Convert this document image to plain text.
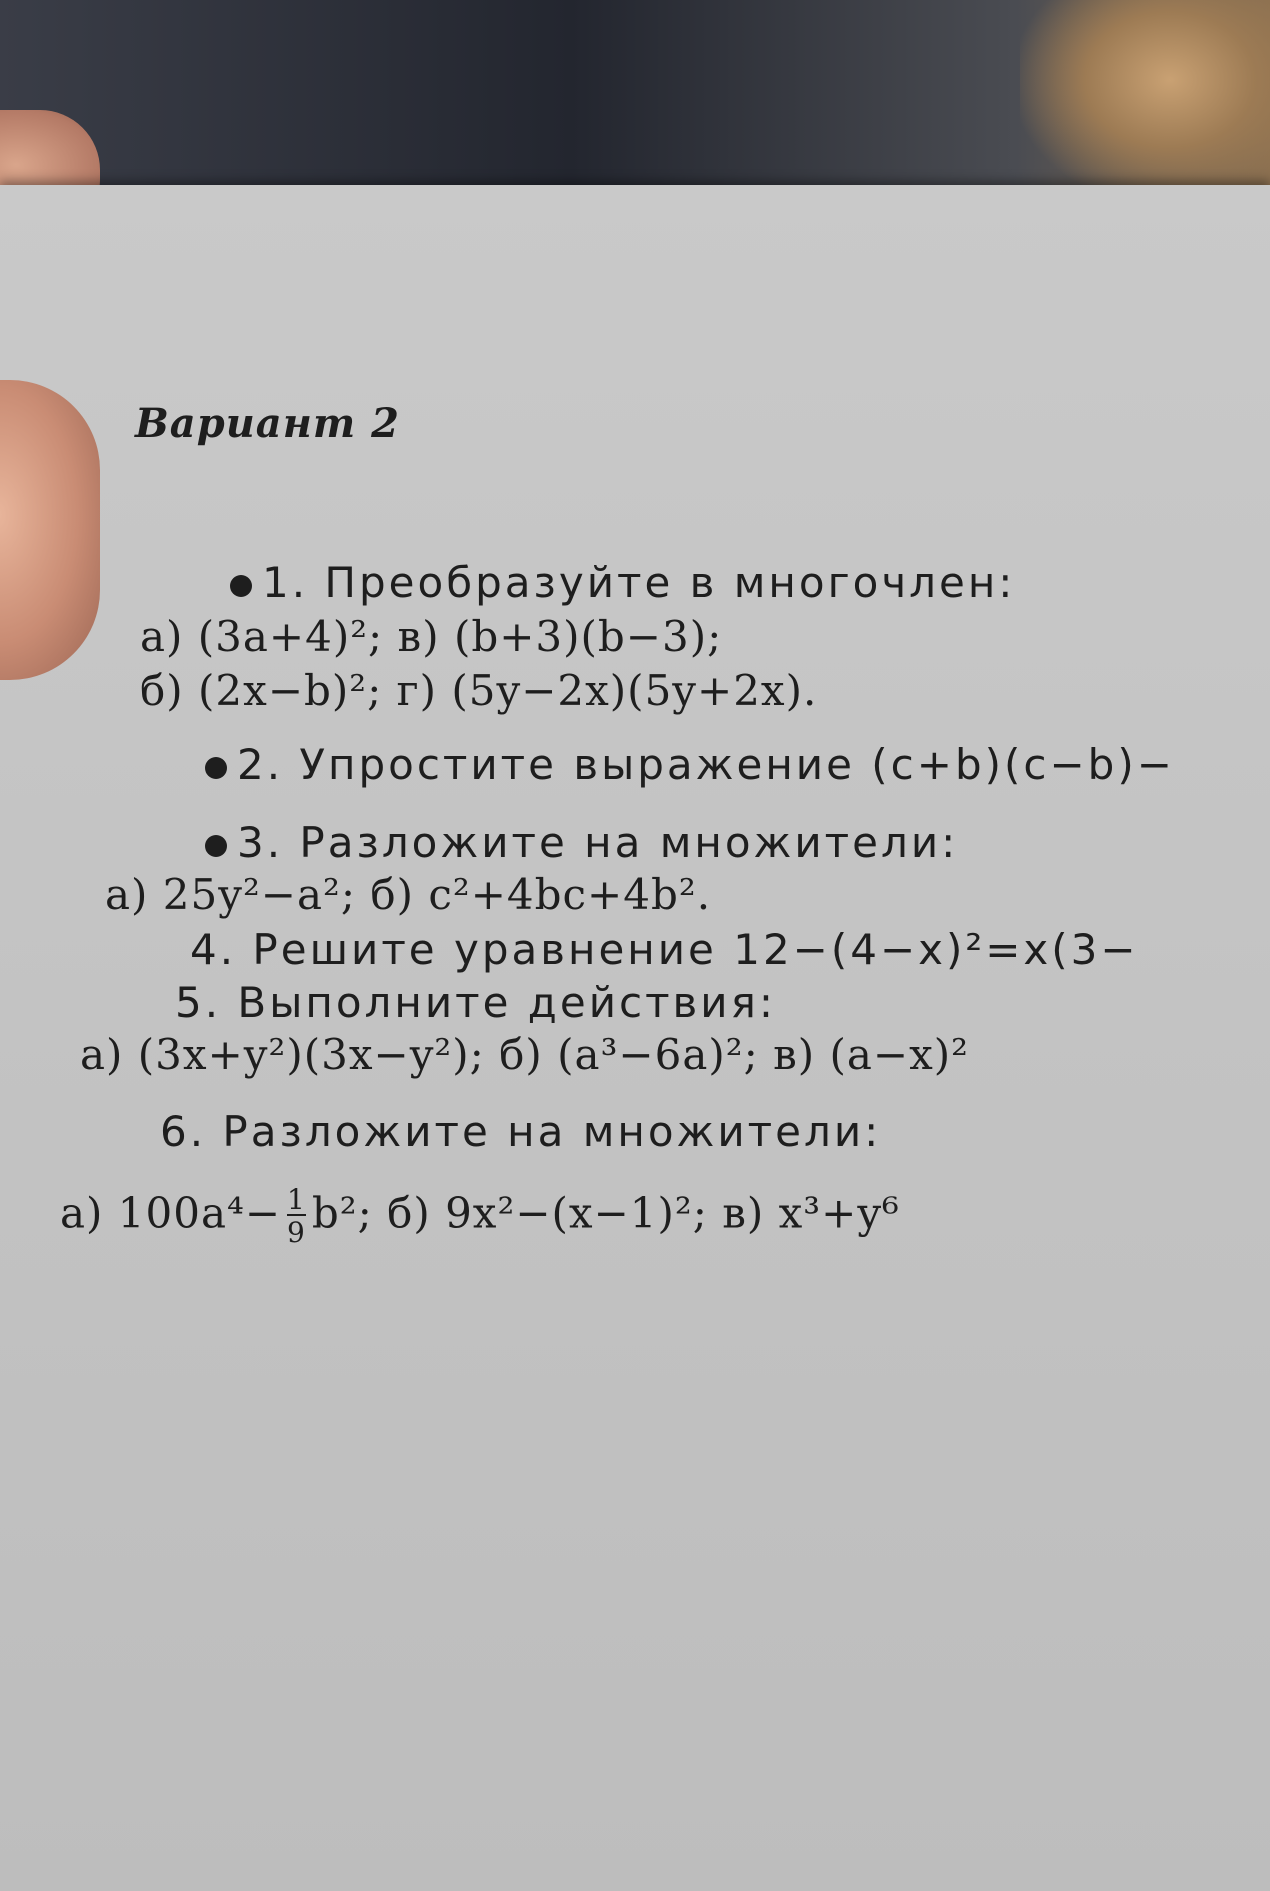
Вариант 2
1. Преобразуйте в многочлен:
а) (3a+4)²; в) (b+3)(b−3);
б) (2x−b)²; г) (5y−2x)(5y+2x).
2. Упростите выражение (c+b)(c−b)−
3. Разложите на множители:
а) 25y²−a²; б) c²+4bc+4b².
4. Решите уравнение 12−(4−x)²=x(3−
5. Выполните действия:
а) (3x+y²)(3x−y²); б) (a³−6a)²; в) (a−x)²
6. Разложите на множители:
а) $100a^4- \frac{1}{9} b^2$; б) 9x²−(x−1)²; в) x³+y⁶
